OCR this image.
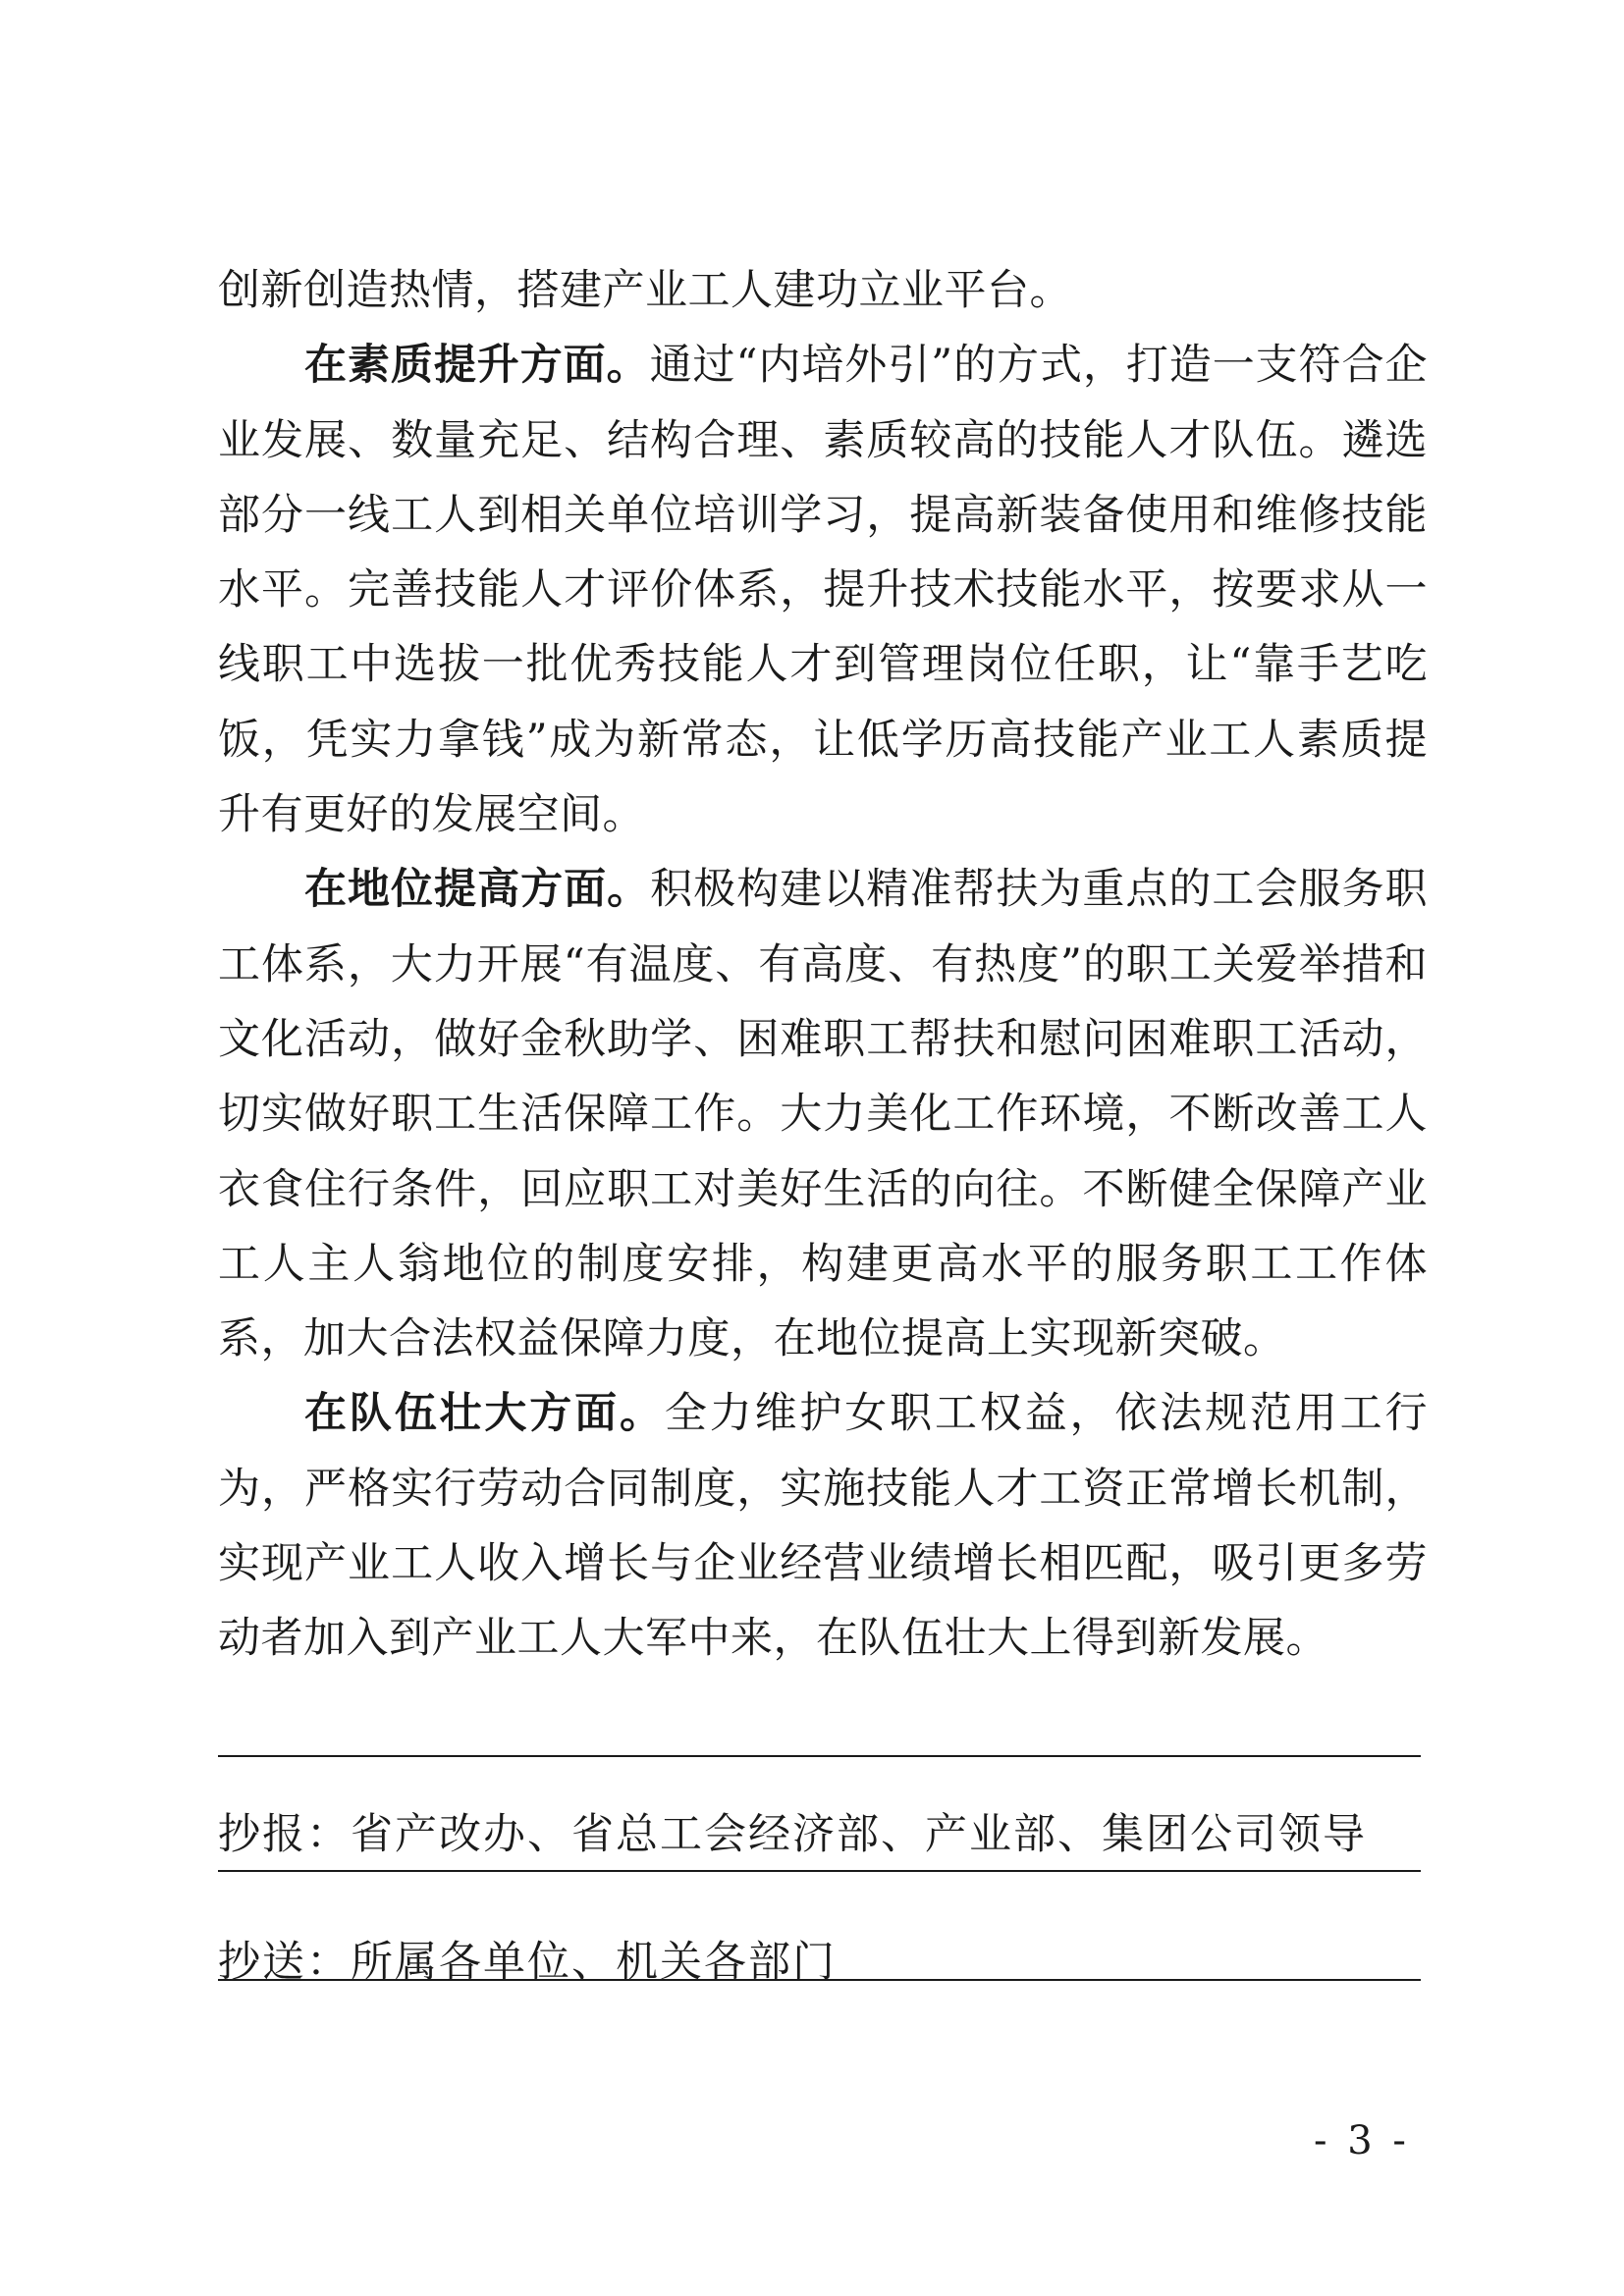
创新创造热情，搭建产业工人建功立业平台。

在素质提升方面。通过“内培外引”的方式，打造一支符合企业发展、数量充足、结构合理、素质较高的技能人才队伍。遴选部分一线工人到相关单位培训学习，提高新装备使用和维修技能水平。完善技能人才评价体系，提升技术技能水平，按要求从一线职工中选拔一批优秀技能人才到管理岗位任职，让“靠手艺吃饭，凭实力拿钱”成为新常态，让低学历高技能产业工人素质提升有更好的发展空间。

在地位提高方面。积极构建以精准帮扶为重点的工会服务职工体系，大力开展“有温度、有高度、有热度”的职工关爱举措和文化活动，做好金秋助学、困难职工帮扶和慰问困难职工活动，切实做好职工生活保障工作。大力美化工作环境，不断改善工人衣食住行条件，回应职工对美好生活的向往。不断健全保障产业工人主人翁地位的制度安排，构建更高水平的服务职工工作体系，加大合法权益保障力度，在地位提高上实现新突破。

在队伍壮大方面。全力维护女职工权益，依法规范用工行为，严格实行劳动合同制度，实施技能人才工资正常增长机制，实现产业工人收入增长与企业经营业绩增长相匹配，吸引更多劳动者加入到产业工人大军中来，在队伍壮大上得到新发展。

抄报：省产改办、省总工会经济部、产业部、集团公司领导
抄送：所属各单位、机关各部门
- 3 -
